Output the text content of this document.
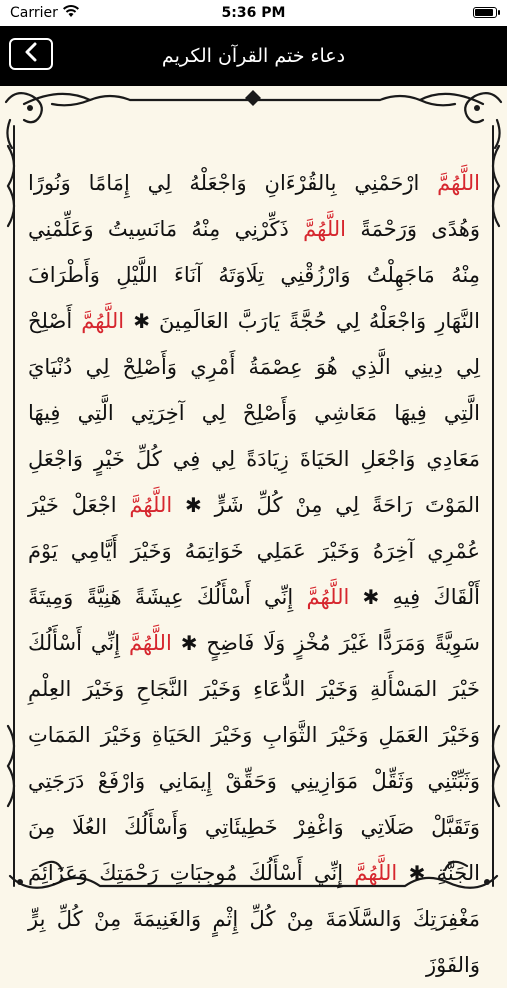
Carrier	5:36 PM
دعاء ختم القرآن الكريم
اللَّهُمَّ ارْحَمْنِي بِالقُرْءَانِ وَاجْعَلْهُ لِي إِمَامًا وَنُورًا وَهُدًى وَرَحْمَةً اللَّهُمَّ ذَكِّرْنِي مِنْهُ مَانَسِيتُ وَعَلِّمْنِي مِنْهُ مَاجَهِلْتُ وَارْزُقْنِي تِلَاوَتَهُ آنَاءَ اللَّيْلِ وَأَطْرَافَ النَّهَارِ وَاجْعَلْهُ لِي حُجَّةً يَارَبَّ العَالَمِينَ ✱ اللَّهُمَّ أَصْلِحْ لِي دِينِي الَّذِي هُوَ عِصْمَةُ أَمْرِي وَأَصْلِحْ لِي دُنْيَايَ الَّتِي فِيهَا مَعَاشِي وَأَصْلِحْ لِي آخِرَتِي الَّتِي فِيهَا مَعَادِي وَاجْعَلِ الحَيَاةَ زِيَادَةً لِي فِي كُلِّ خَيْرٍ وَاجْعَلِ المَوْتَ رَاحَةً لِي مِنْ كُلِّ شَرٍّ ✱ اللَّهُمَّ اجْعَلْ خَيْرَ عُمْرِي آخِرَهُ وَخَيْرَ عَمَلِي خَوَاتِمَهُ وَخَيْرَ أَيَّامِي يَوْمَ أَلْقَاكَ فِيهِ ✱ اللَّهُمَّ إِنِّي أَسْأَلُكَ عِيشَةً هَنِيَّةً وَمِيتَةً سَوِيَّةً وَمَرَدًّا غَيْرَ مُخْزٍ وَلَا فَاضِحٍ ✱ اللَّهُمَّ إِنِّي أَسْأَلُكَ خَيْرَ المَسْأَلةِ وَخَيْرَ الدُّعَاءِ وَخَيْرَ النَّجَاحِ وَخَيْرَ العِلْمِ وَخَيْرَ العَمَلِ وَخَيْرَ الثَّوَابِ وَخَيْرَ الحَيَاةِ وَخَيْرَ المَمَاتِ وَثَبِّتْنِي وَثَقِّلْ مَوَازِينِي وَحَقِّقْ إِيمَانِي وَارْفَعْ دَرَجَتِي وَتَقَبَّلْ صَلَاتِي وَاغْفِرْ خَطِيئَاتِي وَأَسْأَلُكَ العُلَا مِنَ الجَنَّةِ ✱ اللَّهُمَّ إِنِّي أَسْأَلُكَ مُوجِبَاتِ رَحْمَتِكَ وَعَزَائِمَ مَغْفِرَتِكَ وَالسَّلَامَةَ مِنْ كُلِّ إِثْمٍ وَالغَنِيمَةَ مِنْ كُلِّ بِرٍّ وَالفَوْزَ
